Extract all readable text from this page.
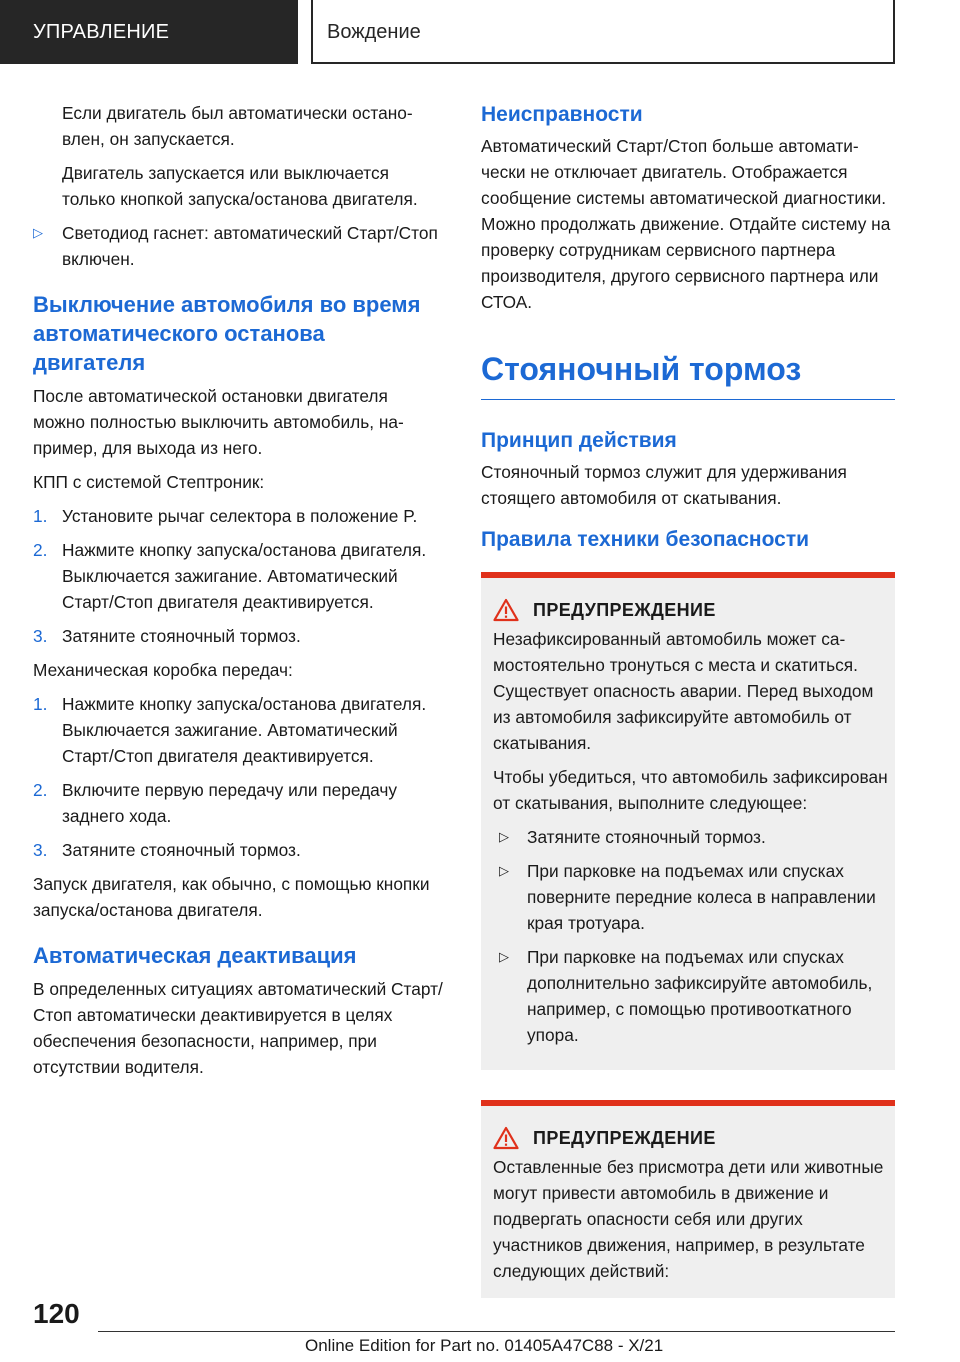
УПРАВЛЕНИЕ	Вождение

Если двигатель был автоматически остановлен, он запускается.

Двигатель запускается или выключается только кнопкой запуска/останова двигателя.

▷	Светодиод гаснет: автоматический Старт/Стоп включен.

Выключение автомобиля во время автоматического останова двигателя

После автоматической остановки двигателя можно полностью выключить автомобиль, например, для выхода из него.

КПП с системой Стептроник:

1. Установите рычаг селектора в положение P.

2. Нажмите кнопку запуска/останова двигателя. Выключается зажигание. Автоматический Старт/Стоп двигателя деактивируется.

3. Затяните стояночный тормоз.

Механическая коробка передач:

1. Нажмите кнопку запуска/останова двигателя. Выключается зажигание. Автоматический Старт/Стоп двигателя деактивируется.

2. Включите первую передачу или передачу заднего хода.

3. Затяните стояночный тормоз.

Запуск двигателя, как обычно, с помощью кнопки запуска/останова двигателя.

Автоматическая деактивация

В определенных ситуациях автоматический Старт/Стоп автоматически деактивируется в целях обеспечения безопасности, например, при отсутствии водителя.

Неисправности

Автоматический Старт/Стоп больше автоматически не отключает двигатель. Отображается сообщение системы автоматической диагностики. Можно продолжать движение. Отдайте систему на проверку сотрудникам сервисного партнера производителя, другого сервисного партнера или СТОА.

Стояночный тормоз
Принцип действия

Стояночный тормоз служит для удерживания стоящего автомобиля от скатывания.

Правила техники безопасности
ПРЕДУПРЕЖДЕНИЕ

Незафиксированный автомобиль может самостоятельно тронуться с места и скатиться. Существует опасность аварии. Перед выходом из автомобиля зафиксируйте автомобиль от скатывания.

Чтобы убедиться, что автомобиль зафиксирован от скатывания, выполните следующее:

▷	Затяните стояночный тормоз.

▷	При парковке на подъемах или спусках поверните передние колеса в направлении края тротуара.

▷	При парковке на подъемах или спусках дополнительно зафиксируйте автомобиль, например, с помощью противооткатного упора.

ПРЕДУПРЕЖДЕНИЕ

Оставленные без присмотра дети или животные могут привести автомобиль в движение и подвергать опасности себя или других участников движения, например, в результате следующих действий:

120
Online Edition for Part no. 01405A47C88 - X/21
